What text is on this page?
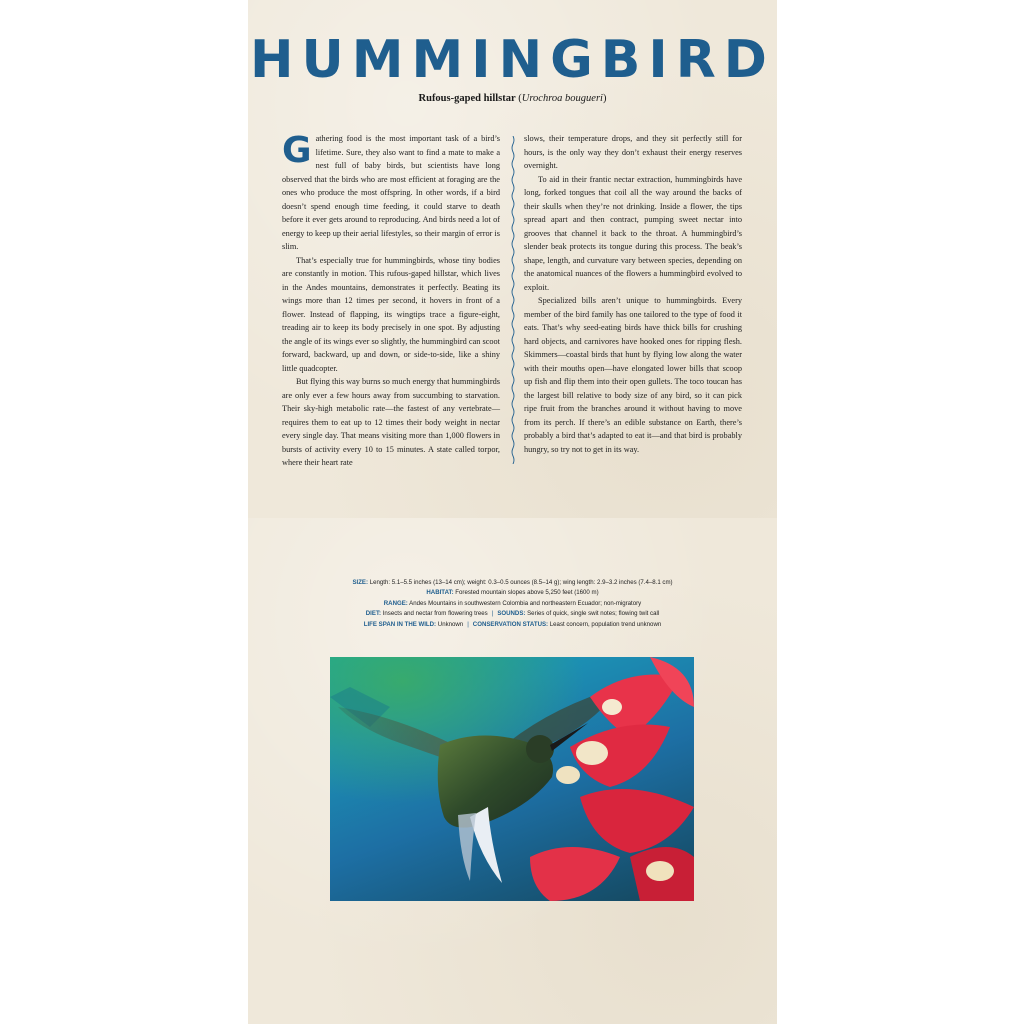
HUMMINGBIRD
Rufous-gaped hillstar (Urochroa bougueri)

Gathering food is the most important task of a bird’s lifetime. Sure, they also want to find a mate to make a nest full of baby birds, but scientists have long observed that the birds who are most efficient at foraging are the ones who produce the most offspring. In other words, if a bird doesn’t spend enough time feeding, it could starve to death before it ever gets around to reproducing. And birds need a lot of energy to keep up their aerial lifestyles, so their margin of error is slim.

That’s especially true for hummingbirds, whose tiny bodies are constantly in motion. This rufous-gaped hillstar, which lives in the Andes mountains, demonstrates it perfectly. Beating its wings more than 12 times per second, it hovers in front of a flower. Instead of flapping, its wingtips trace a figure-eight, treading air to keep its body precisely in one spot. By adjusting the angle of its wings ever so slightly, the hummingbird can scoot forward, backward, up and down, or side-to-side, like a shiny little quadcopter.

But flying this way burns so much energy that hummingbirds are only ever a few hours away from succumbing to starvation. Their sky-high metabolic rate—the fastest of any vertebrate—requires them to eat up to 12 times their body weight in nectar every single day. That means visiting more than 1,000 flowers in bursts of activity every 10 to 15 minutes. A state called torpor, where their heart rate

slows, their temperature drops, and they sit perfectly still for hours, is the only way they don’t exhaust their energy reserves overnight.

To aid in their frantic nectar extraction, hummingbirds have long, forked tongues that coil all the way around the backs of their skulls when they’re not drinking. Inside a flower, the tips spread apart and then contract, pumping sweet nectar into grooves that channel it back to the throat. A hummingbird’s slender beak protects its tongue during this process. The beak’s shape, length, and curvature vary between species, depending on the anatomical nuances of the flowers a hummingbird evolved to exploit.

Specialized bills aren’t unique to hummingbirds. Every member of the bird family has one tailored to the type of food it eats. That’s why seed-eating birds have thick bills for crushing hard objects, and carnivores have hooked ones for ripping flesh. Skimmers—coastal birds that hunt by flying low along the water with their mouths open—have elongated lower bills that scoop up fish and flip them into their open gullets. The toco toucan has the largest bill relative to body size of any bird, so it can pick ripe fruit from the branches around it without having to move from its perch. If there’s an edible substance on Earth, there’s probably a bird that’s adapted to eat it—and that bird is probably hungry, so try not to get in its way.

SIZE: Length: 5.1–5.5 inches (13–14 cm); weight: 0.3–0.5 ounces (8.5–14 g); wing length: 2.9–3.2 inches (7.4–8.1 cm)
HABITAT: Forested mountain slopes above 5,250 feet (1600 m)
RANGE: Andes Mountains in southwestern Colombia and northeastern Ecuador; non-migratory
DIET: Insects and nectar from flowering trees | SOUNDS: Series of quick, single swit notes; flowing twit call
LIFE SPAN IN THE WILD: Unknown | CONSERVATION STATUS: Least concern, population trend unknown
